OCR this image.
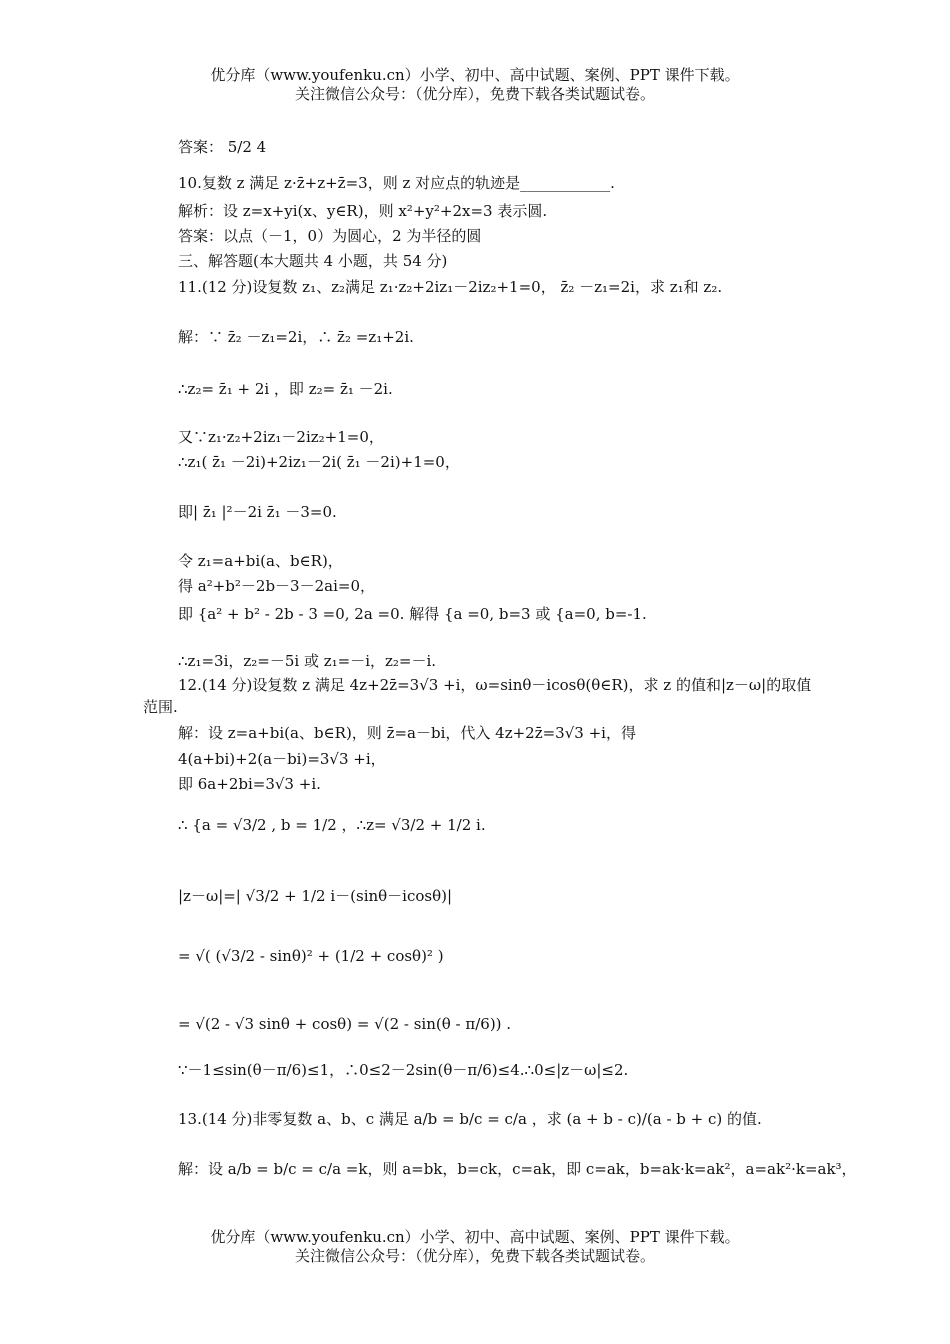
优分库（www.youfenku.cn）小学、初中、高中试题、案例、PPT 课件下载。
关注微信公众号：（优分库），免费下载各类试题试卷。
答案： 5/2 4
10.复数 z 满足 z·z̄+z+z̄=3，则 z 对应点的轨迹是____________.
解析：设 z=x+yi(x、y∈R)，则 x²+y²+2x=3 表示圆.
答案：以点（－1，0）为圆心，2 为半径的圆
三、解答题(本大题共 4 小题，共 54 分)
11.(12 分)设复数 z₁、z₂满足 z₁·z₂+2iz₁－2iz₂+1=0， z̄₂ －z₁=2i，求 z₁和 z₂.
解：∵ z̄₂ －z₁=2i，∴ z̄₂ =z₁+2i.
∴z₂= z̄₁ + 2i ，即 z₂= z̄₁ －2i.
又∵z₁·z₂+2iz₁－2iz₂+1=0，
∴z₁( z̄₁ －2i)+2iz₁－2i( z̄₁ －2i)+1=0，
即| z̄₁ |²－2i z̄₁ －3=0.
令 z₁=a+bi(a、b∈R)，
得 a²+b²－2b－3－2ai=0，
即 {a² + b² - 2b - 3 =0, 2a =0. 解得 {a =0, b=3 或 {a=0, b=-1.
∴z₁=3i，z₂=－5i 或 z₁=－i，z₂=－i.
12.(14 分)设复数 z 满足 4z+2z̄=3√3 +i，ω=sinθ－icosθ(θ∈R)，求 z 的值和|z－ω|的取值范围.
解：设 z=a+bi(a、b∈R)，则 z̄=a－bi，代入 4z+2z̄=3√3 +i，得
4(a+bi)+2(a－bi)=3√3 +i，
即 6a+2bi=3√3 +i.
∴ {a = √3/2 , b = 1/2 ，∴z= √3/2 + 1/2 i.
|z－ω|=| √3/2 + 1/2 i－(sinθ－icosθ)|
= √( (√3/2 - sinθ)² + (1/2 + cosθ)² )
= √(2 - √3 sinθ + cosθ) = √(2 - sin(θ - π/6)) .
∵－1≤sin(θ－π/6)≤1，∴0≤2－2sin(θ－π/6)≤4.∴0≤|z－ω|≤2.
13.(14 分)非零复数 a、b、c 满足 a/b = b/c = c/a ，求 (a + b - c)/(a - b + c) 的值.
解：设 a/b = b/c = c/a =k，则 a=bk，b=ck，c=ak，即 c=ak，b=ak·k=ak²，a=ak²·k=ak³，
优分库（www.youfenku.cn）小学、初中、高中试题、案例、PPT 课件下载。
关注微信公众号：（优分库），免费下载各类试题试卷。
